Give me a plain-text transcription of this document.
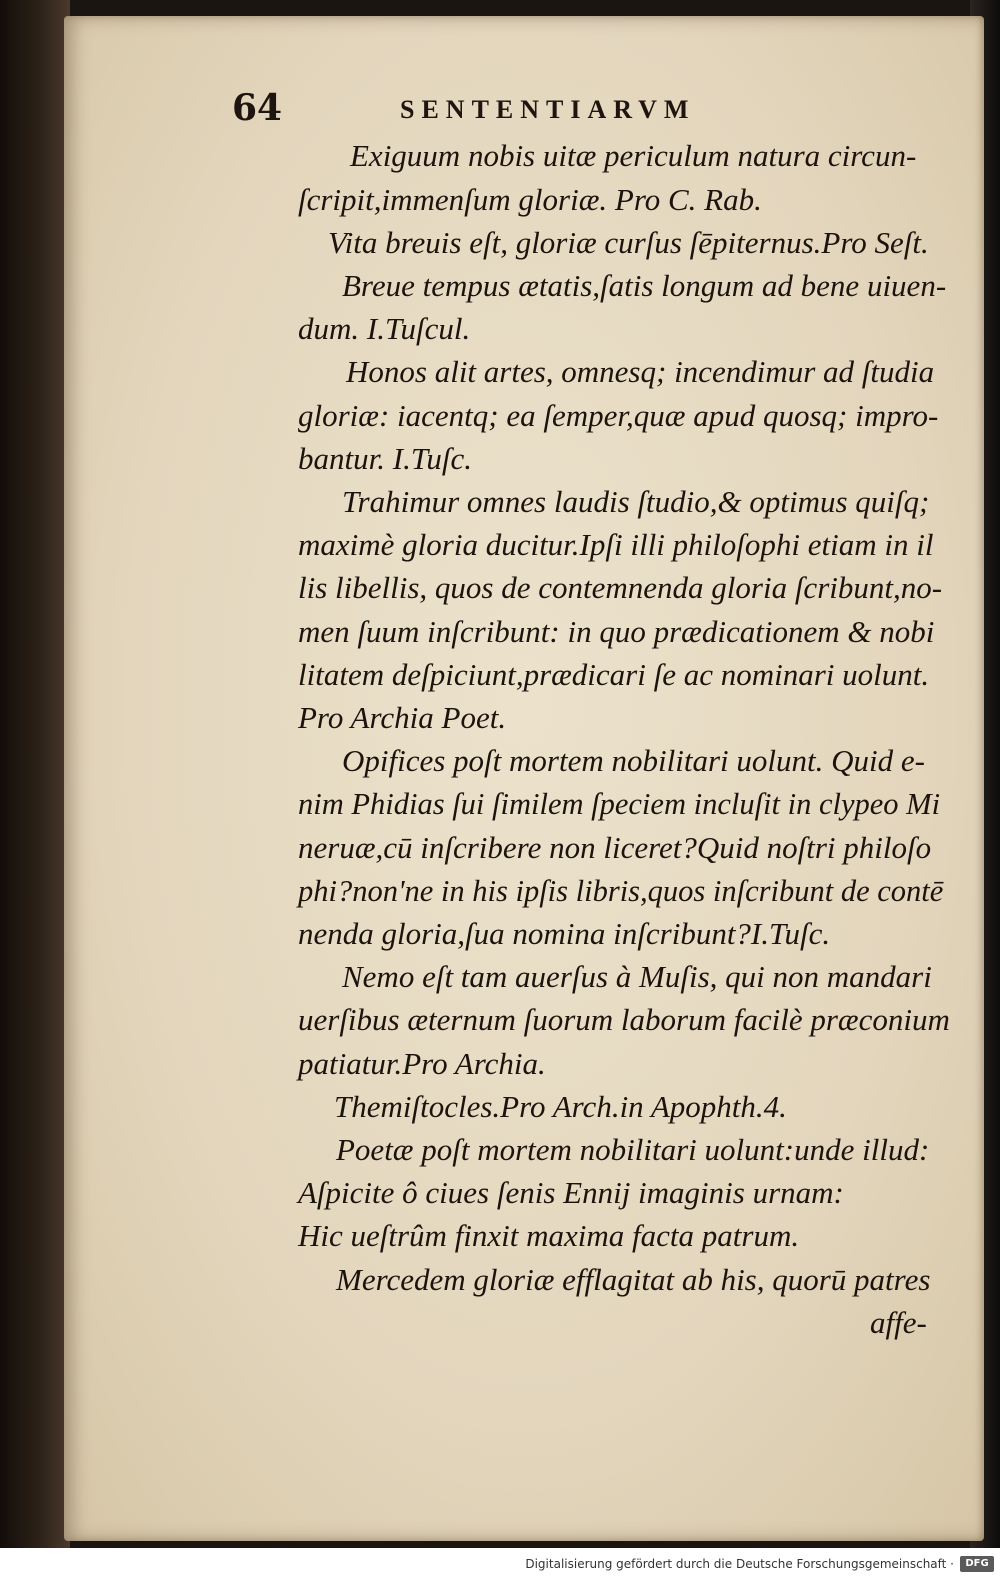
64	SENTENTIARVM
Exiguum nobis uitæ periculum natura circun-
ſcripit,immenſum gloriæ. Pro C. Rab.
Vita breuis eſt, gloriæ curſus ſēpiternus.Pro Seſt.
Breue tempus ætatis,ſatis longum ad bene uiuen-
dum. I.Tuſcul.
Honos alit artes, omnesq; incendimur ad ſtudia
gloriæ: iacentq; ea ſemper,quæ apud quosq; impro-
bantur. I.Tuſc.
Trahimur omnes laudis ſtudio,& optimus quiſq;
maximè gloria ducitur.Ipſi illi philoſophi etiam in il
lis libellis, quos de contemnenda gloria ſcribunt,no-
men ſuum inſcribunt: in quo prædicationem & nobi
litatem deſpiciunt,prædicari ſe ac nominari uolunt.
Pro Archia Poet.
Opifices poſt mortem nobilitari uolunt. Quid e-
nim Phidias ſui ſimilem ſpeciem incluſit in clypeo Mi
neruæ,cū inſcribere non liceret?Quid noſtri philoſo
phi?non'ne in his ipſis libris,quos inſcribunt de contē
nenda gloria,ſua nomina inſcribunt?I.Tuſc.
Nemo eſt tam auerſus à Muſis, qui non mandari
uerſibus æternum ſuorum laborum facilè præconium
patiatur.Pro Archia.
Themiſtocles.Pro Arch.in Apophth.4.
Poetæ poſt mortem nobilitari uolunt:unde illud:
Aſpicite ô ciues ſenis Ennij imaginis urnam:
Hic ueſtrûm finxit maxima facta patrum.
Mercedem gloriæ efflagitat ab his, quorū patres
affe-
Digitalisierung gefördert durch die Deutsche Forschungsgemeinschaft ·	DFG
